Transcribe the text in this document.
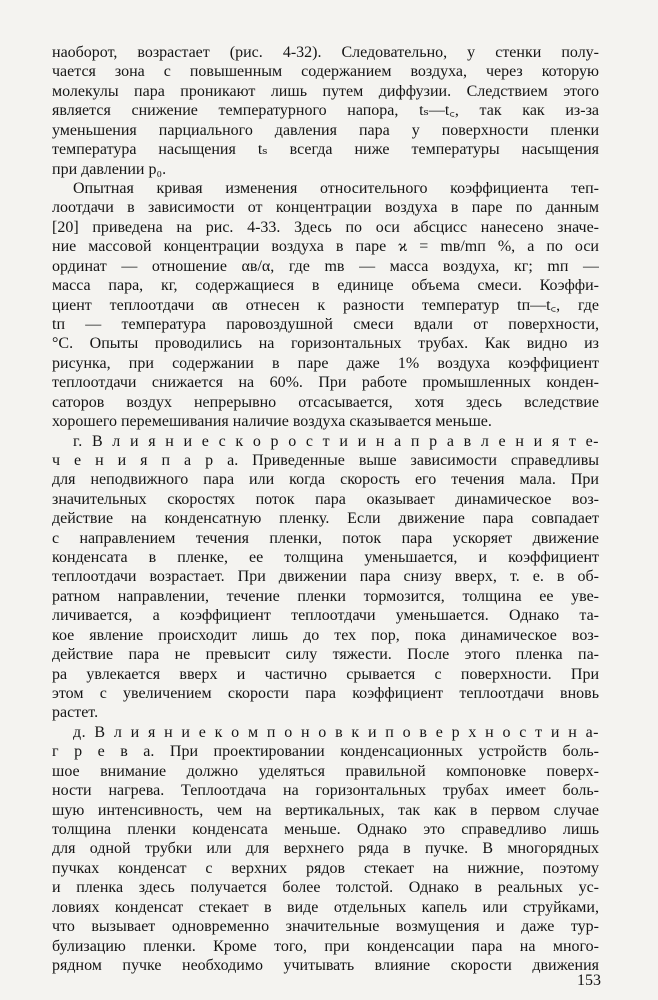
наоборот, возрастает (рис. 4-32). Следовательно, у стенки полу-
чается зона с повышенным содержанием воздуха, через которую
молекулы пара проникают лишь путем диффузии. Следствием этого
является снижение температурного напора, tₛ—t꜀, так как из-за
уменьшения парциального давления пара у поверхности пленки
температура насыщения tₛ всегда ниже температуры насыщения
при давлении p₀.
Опытная кривая изменения относительного коэффициента теп-
лоотдачи в зависимости от концентрации воздуха в паре по данным
[20] приведена на рис. 4-33. Здесь по оси абсцисс нанесено значе-
ние массовой концентрации воздуха в паре ϰ = mв/mп %, а по оси
ординат — отношение αв/α, где mв — масса воздуха, кг; mп —
масса пара, кг, содержащиеся в единице объема смеси. Коэффи-
циент теплоотдачи αв отнесен к разности температур tп—t꜀, где
tп — температура паровоздушной смеси вдали от поверхности,
°С. Опыты проводились на горизонтальных трубах. Как видно из
рисунка, при содержании в паре даже 1% воздуха коэффициент
теплоотдачи снижается на 60%. При работе промышленных конден-
саторов воздух непрерывно отсасывается, хотя здесь вследствие
хорошего перемешивания наличие воздуха сказывается меньше.
г. В л и я н и е с к о р о с т и и н а п р а в л е н и я т е-
ч е н и я п а р а. Приведенные выше зависимости справедливы
для неподвижного пара или когда скорость его течения мала. При
значительных скоростях поток пара оказывает динамическое воз-
действие на конденсатную пленку. Если движение пара совпадает
с направлением течения пленки, поток пара ускоряет движение
конденсата в пленке, ее толщина уменьшается, и коэффициент
теплоотдачи возрастает. При движении пара снизу вверх, т. е. в об-
ратном направлении, течение пленки тормозится, толщина ее уве-
личивается, а коэффициент теплоотдачи уменьшается. Однако та-
кое явление происходит лишь до тех пор, пока динамическое воз-
действие пара не превысит силу тяжести. После этого пленка па-
ра увлекается вверх и частично срывается с поверхности. При
этом с увеличением скорости пара коэффициент теплоотдачи вновь
растет.
д. В л и я н и е к о м п о н о в к и п о в е р х н о с т и н а-
г р е в а. При проектировании конденсационных устройств боль-
шое внимание должно уделяться правильной компоновке поверх-
ности нагрева. Теплоотдача на горизонтальных трубах имеет боль-
шую интенсивность, чем на вертикальных, так как в первом случае
толщина пленки конденсата меньше. Однако это справедливо лишь
для одной трубки или для верхнего ряда в пучке. В многорядных
пучках конденсат с верхних рядов стекает на нижние, поэтому
и пленка здесь получается более толстой. Однако в реальных ус-
ловиях конденсат стекает в виде отдельных капель или струйками,
что вызывает одновременно значительные возмущения и даже тур-
булизацию пленки. Кроме того, при конденсации пара на много-
рядном пучке необходимо учитывать влияние скорости движения
153
